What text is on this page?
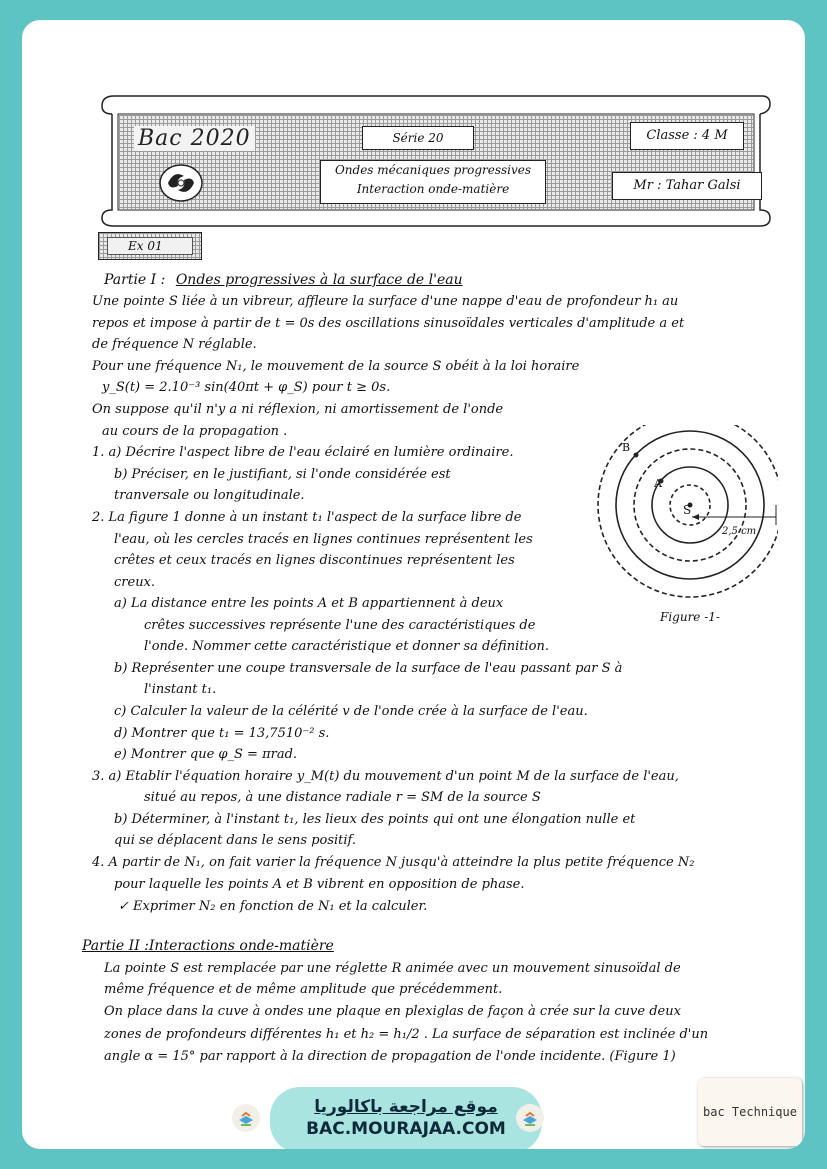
Bac 2020	Série 20
Ondes mécaniques progressives
Interaction onde-matière
Classe : 4 M
Mr : Tahar Galsi
Ex 01
Partie I : Ondes progressives à la surface de l'eau
Une pointe S liée à un vibreur, affleure la surface d'une nappe d'eau de profondeur h₁ au
repos et impose à partir de t = 0s des oscillations sinusoïdales verticales d'amplitude a et
de fréquence N réglable.
Pour une fréquence N₁, le mouvement de la source S obéit à la loi horaire
y_S(t) = 2.10⁻³ sin(40πt + φ_S) pour t ≥ 0s.
On suppose qu'il n'y a ni réflexion, ni amortissement de l'onde
au cours de la propagation .
1. a) Décrire l'aspect libre de l'eau éclairé en lumière ordinaire.
b) Préciser, en le justifiant, si l'onde considérée est
tranversale ou longitudinale.
2. La figure 1 donne à un instant t₁ l'aspect de la surface libre de
l'eau, où les cercles tracés en lignes continues représentent les
crêtes et ceux tracés en lignes discontinues représentent les
creux.
a) La distance entre les points A et B appartiennent à deux
crêtes successives représente l'une des caractéristiques de
l'onde. Nommer cette caractéristique et donner sa définition.
b) Représenter une coupe transversale de la surface de l'eau passant par S à
l'instant t₁.
c) Calculer la valeur de la célérité v de l'onde crée à la surface de l'eau.
d) Montrer que t₁ = 13,7510⁻² s.
e) Montrer que φ_S = πrad.
3. a) Etablir l'équation horaire y_M(t) du mouvement d'un point M de la surface de l'eau,
situé au repos, à une distance radiale r = SM de la source S
b) Déterminer, à l'instant t₁, les lieux des points qui ont une élongation nulle et
qui se déplacent dans le sens positif.
4. A partir de N₁, on fait varier la fréquence N jusqu'à atteindre la plus petite fréquence N₂
pour laquelle les points A et B vibrent en opposition de phase.
✓ Exprimer N₂ en fonction de N₁ et la calculer.
S
A
B
2,5 cm
Figure -1-
Partie II :Interactions onde-matière
La pointe S est remplacée par une réglette R animée avec un mouvement sinusoïdal de
même fréquence et de même amplitude que précédemment.
On place dans la cuve à ondes une plaque en plexiglas de façon à crée sur la cuve deux
zones de profondeurs différentes h₁ et h₂ = h₁/2 . La surface de séparation est inclinée d'un
angle α = 15° par rapport à la direction de propagation de l'onde incidente. (Figure 1)
موقع مراجعة باكالوريا
BAC.MOURAJAA.COM
bac Technique
